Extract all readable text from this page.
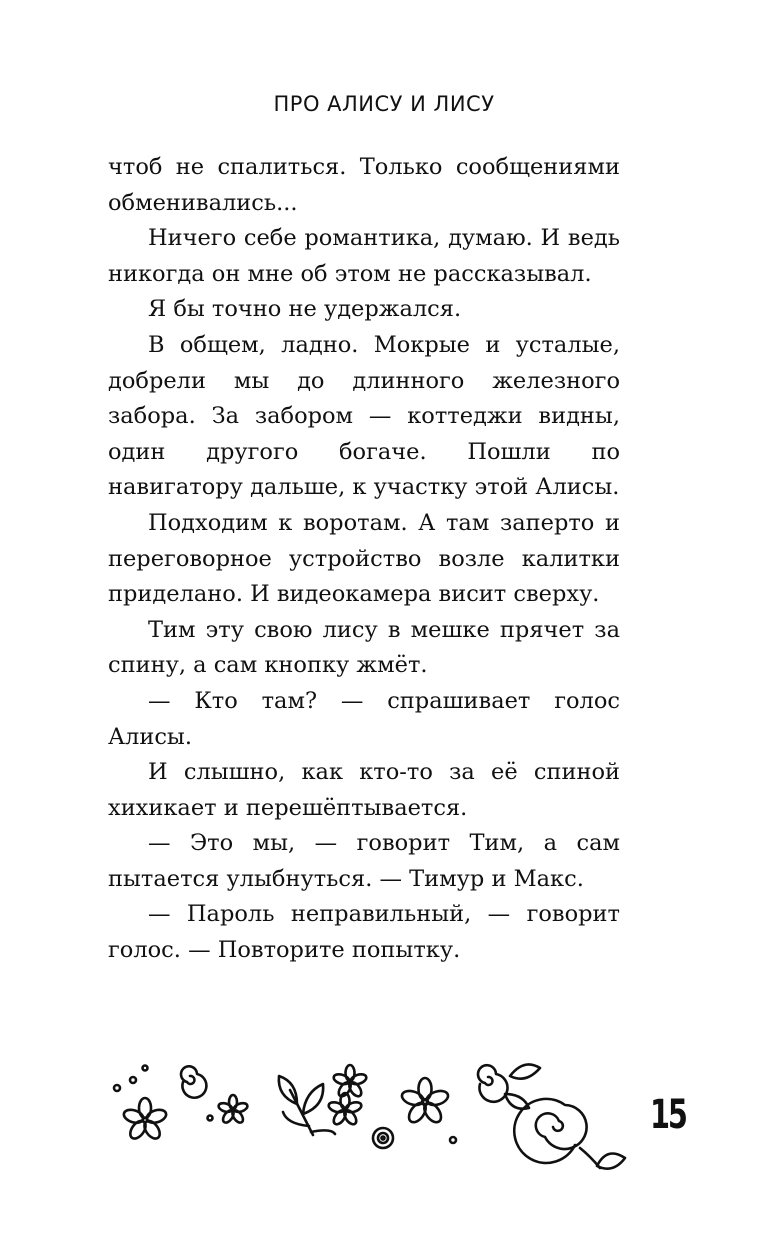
ПРО АЛИСУ И ЛИСУ

чтоб не спалиться. Только сообщениями обменивались...

Ничего себе романтика, думаю. И ведь никогда он мне об этом не рассказывал.

Я бы точно не удержался.

В общем, ладно. Мокрые и усталые, добрели мы до длинного железного забора. За забором — коттеджи видны, один другого богаче. Пошли по навигатору дальше, к участку этой Алисы.

Подходим к воротам. А там заперто и переговорное устройство возле калитки приделано. И видеокамера висит сверху.

Тим эту свою лису в мешке прячет за спину, а сам кнопку жмёт.

— Кто там? — спрашивает голос Алисы.

И слышно, как кто-то за её спиной хихикает и перешёптывается.

— Это мы, — говорит Тим, а сам пытается улыбнуться. — Тимур и Макс.

— Пароль неправильный, — говорит голос. — Повторите попытку.

15
